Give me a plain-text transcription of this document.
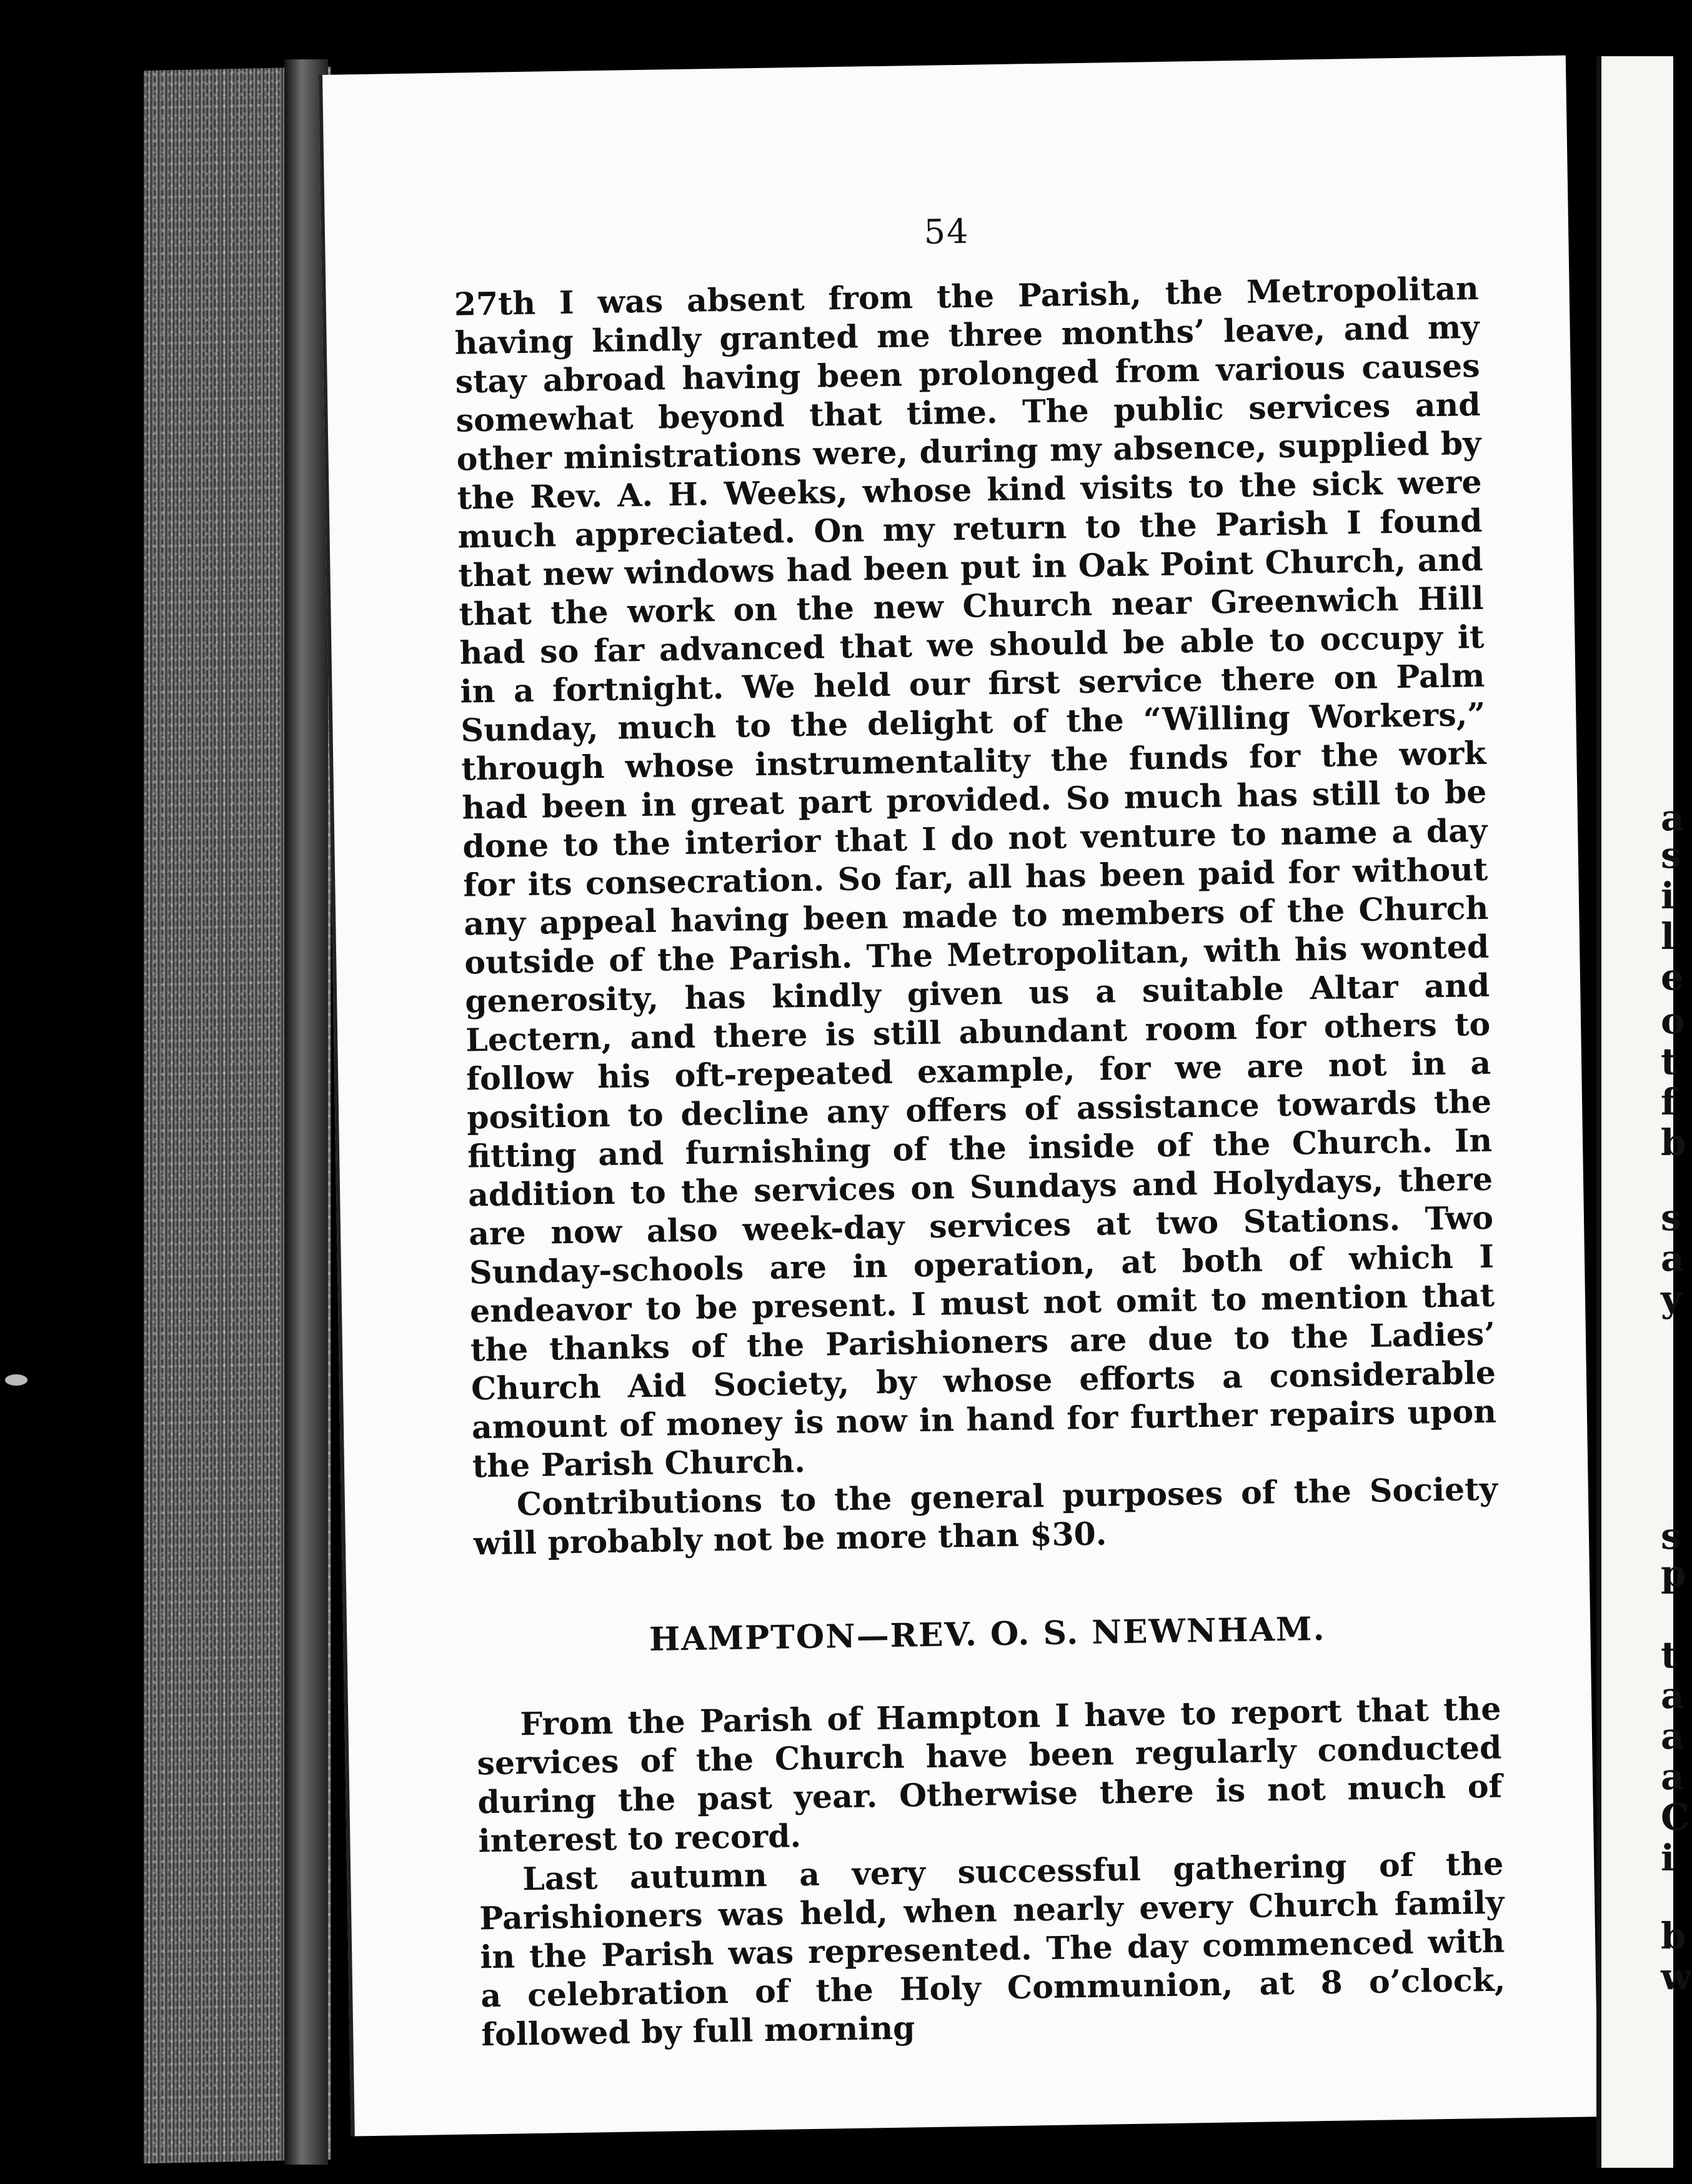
54

27th I was absent from the Parish, the Metropolitan having kindly granted me three months’ leave, and my stay abroad having been prolonged from various causes somewhat beyond that time. The public services and other ministrations were, during my absence, supplied by the Rev. A. H. Weeks, whose kind visits to the sick were much appreciated. On my return to the Parish I found that new windows had been put in Oak Point Church, and that the work on the new Church near Greenwich Hill had so far advanced that we should be able to occupy it in a fortnight. We held our first service there on Palm Sunday, much to the delight of the “Willing Workers,” through whose instrumentality the funds for the work had been in great part provided. So much has still to be done to the interior that I do not venture to name a day for its consecration. So far, all has been paid for without any appeal having been made to members of the Church outside of the Parish. The Metropolitan, with his wonted generosity, has kindly given us a suitable Altar and Lectern, and there is still abundant room for others to follow his oft-repeated example, for we are not in a position to decline any offers of assistance towards the fitting and furnishing of the inside of the Church. In addition to the services on Sundays and Holydays, there are now also week-day services at two Stations. Two Sunday-schools are in operation, at both of which I endeavor to be present. I must not omit to mention that the thanks of the Parishioners are due to the Ladies’ Church Aid Society, by whose efforts a considerable amount of money is now in hand for further repairs upon the Parish Church.

Contributions to the general purposes of the Society will probably not be more than $30.

HAMPTON—REV. O. S. NEWNHAM.

From the Parish of Hampton I have to report that the services of the Church have been regularly conducted during the past year. Otherwise there is not much of interest to record.

Last autumn a very successful gathering of the Parishioners was held, when nearly every Church family in the Parish was represented. The day commenced with a celebration of the Holy Communion, at 8 o’clock, followed by full morning

a
s
i
l
e
o
t
f
b
s
a
y
s
p
t
a
a
a
C
i
b
w
